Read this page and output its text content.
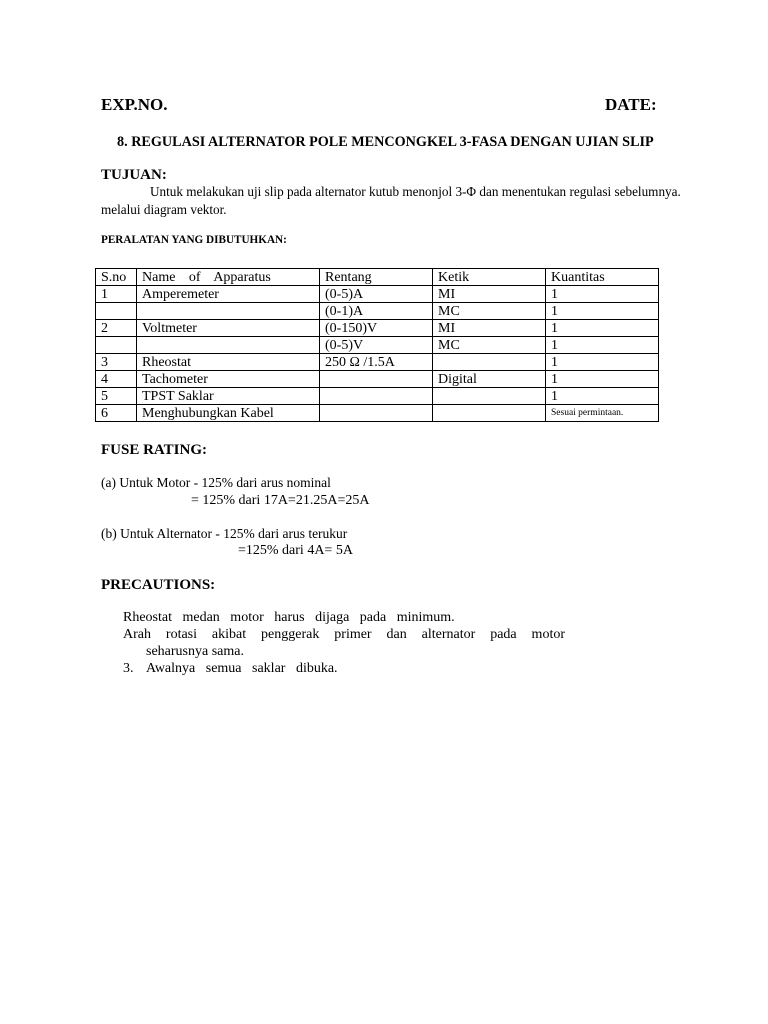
EXP.NO.	DATE:
8. REGULASI ALTERNATOR POLE MENCONGKEL 3-FASA DENGAN UJIAN SLIP
TUJUAN:
Untuk melakukan uji slip pada alternator kutub menonjol 3-Φ dan menentukan regulasi sebelumnya.
melalui diagram vektor.
PERALATAN YANG DIBUTUHKAN:
S.no	Name of Apparatus	Rentang	Ketik	Kuantitas
1	Amperemeter	(0-5)A	MI	1
		(0-1)A	MC	1
2	Voltmeter	(0-150)V	MI	1
		(0-5)V	MC	1
3	Rheostat	250 Ω /1.5A		1
4	Tachometer		Digital	1
5	TPST Saklar			1
6	Menghubungkan Kabel			Sesuai permintaan.
FUSE RATING:
(a) Untuk Motor - 125% dari arus nominal
= 125% dari 17A=21.25A=25A
(b) Untuk Alternator - 125% dari arus terukur
=125% dari 4A= 5A
PRECAUTIONS:
Rheostat medan motor harus dijaga pada minimum.
Arah rotasi akibat penggerak primer dan alternator pada motor
seharusnya sama.
3. Awalnya semua saklar dibuka.
